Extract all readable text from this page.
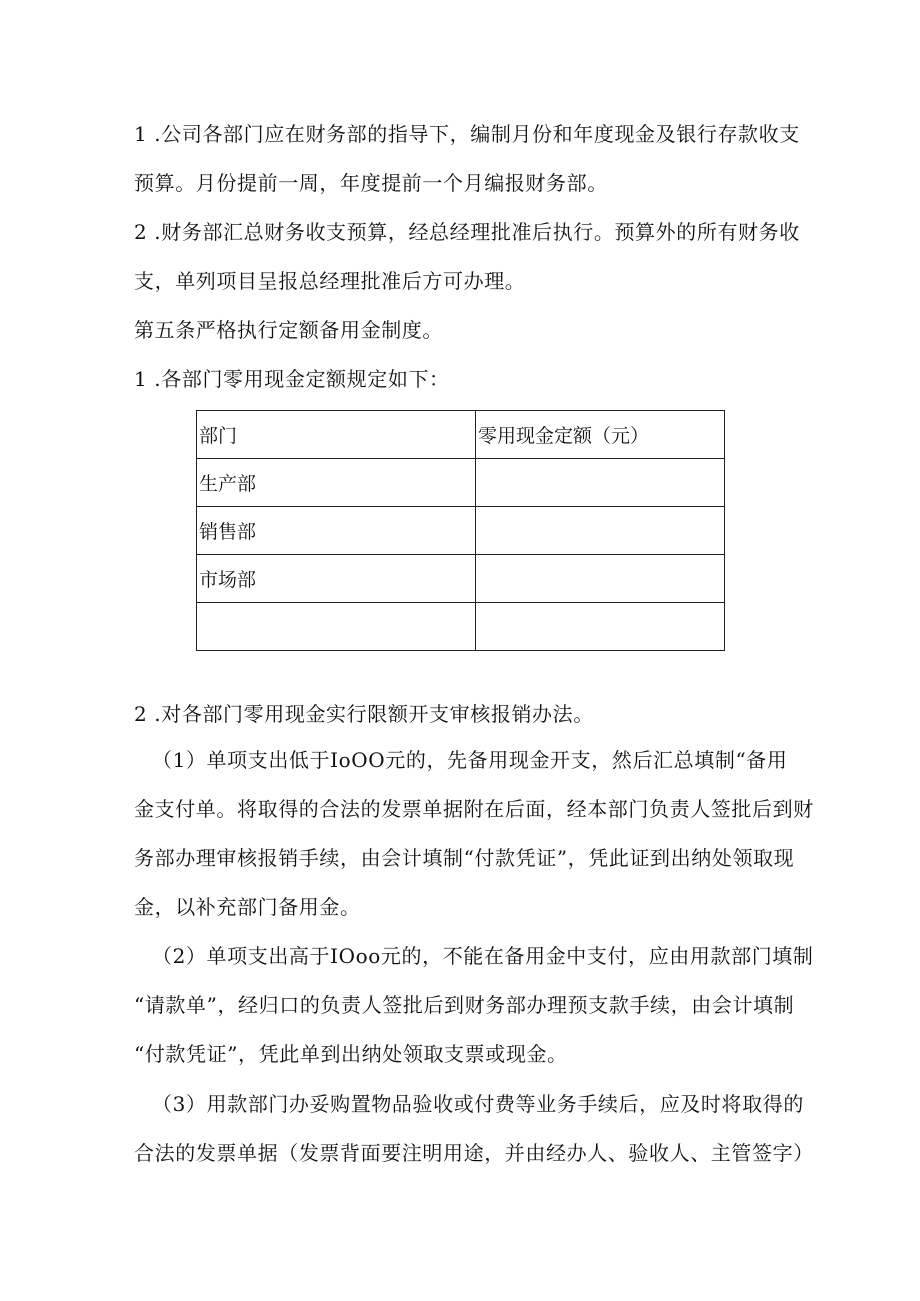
1 .公司各部门应在财务部的指导下，编制月份和年度现金及银行存款收支
预算。月份提前一周，年度提前一个月编报财务部。
2 .财务部汇总财务收支预算，经总经理批准后执行。预算外的所有财务收
支，单列项目呈报总经理批准后方可办理。
第五条严格执行定额备用金制度。
1 .各部门零用现金定额规定如下：
部门	零用现金定额（元）
生产部	
销售部	
市场部	

2 .对各部门零用现金实行限额开支审核报销办法。
（1）单项支出低于IoOO元的，先备用现金开支，然后汇总填制“备用
金支付单。将取得的合法的发票单据附在后面，经本部门负责人签批后到财
务部办理审核报销手续，由会计填制“付款凭证”，凭此证到出纳处领取现
金，以补充部门备用金。
（2）单项支出高于IOoo元的，不能在备用金中支付，应由用款部门填制
“请款单”，经归口的负责人签批后到财务部办理预支款手续，由会计填制
“付款凭证”，凭此单到出纳处领取支票或现金。
（3）用款部门办妥购置物品验收或付费等业务手续后，应及时将取得的
合法的发票单据（发票背面要注明用途，并由经办人、验收人、主管签字）
